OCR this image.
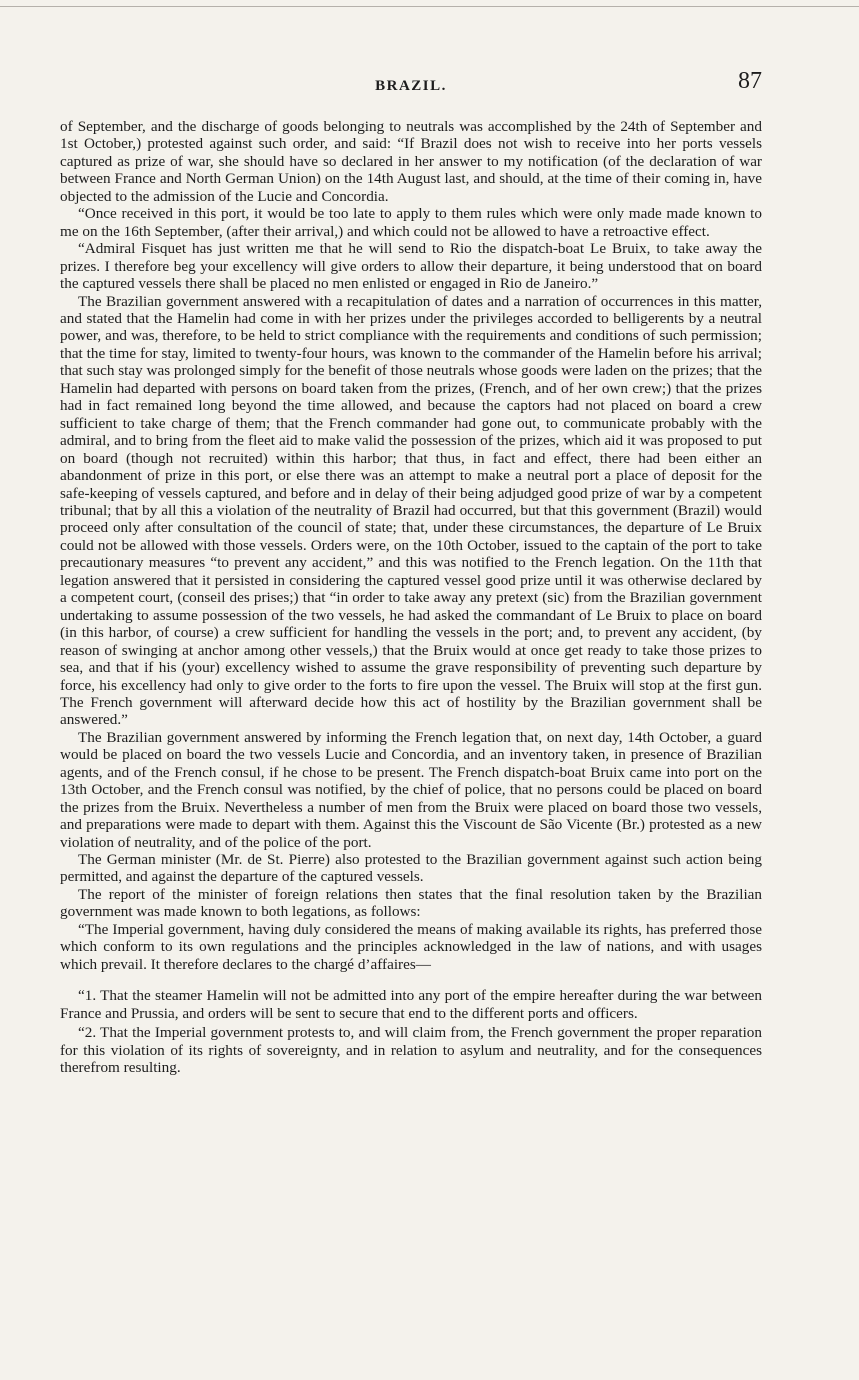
BRAZIL.	87

of September, and the discharge of goods belonging to neutrals was accomplished by the 24th of September and 1st October,) protested against such order, and said: “If Brazil does not wish to receive into her ports vessels captured as prize of war, she should have so declared in her answer to my notification (of the declaration of war between France and North German Union) on the 14th August last, and should, at the time of their coming in, have objected to the admission of the Lucie and Concordia.

“Once received in this port, it would be too late to apply to them rules which were only made made known to me on the 16th September, (after their arrival,) and which could not be allowed to have a retroactive effect.

“Admiral Fisquet has just written me that he will send to Rio the dispatch-boat Le Bruix, to take away the prizes. I therefore beg your excellency will give orders to allow their departure, it being understood that on board the captured vessels there shall be placed no men enlisted or engaged in Rio de Janeiro.”

The Brazilian government answered with a recapitulation of dates and a narration of occurrences in this matter, and stated that the Hamelin had come in with her prizes under the privileges accorded to belligerents by a neutral power, and was, therefore, to be held to strict compliance with the requirements and conditions of such permission; that the time for stay, limited to twenty-four hours, was known to the commander of the Hamelin before his arrival; that such stay was prolonged simply for the benefit of those neutrals whose goods were laden on the prizes; that the Hamelin had departed with persons on board taken from the prizes, (French, and of her own crew;) that the prizes had in fact remained long beyond the time allowed, and because the captors had not placed on board a crew sufficient to take charge of them; that the French commander had gone out, to communicate probably with the admiral, and to bring from the fleet aid to make valid the possession of the prizes, which aid it was proposed to put on board (though not recruited) within this harbor; that thus, in fact and effect, there had been either an abandonment of prize in this port, or else there was an attempt to make a neutral port a place of deposit for the safe-keeping of vessels captured, and before and in delay of their being adjudged good prize of war by a competent tribunal; that by all this a violation of the neutrality of Brazil had occurred, but that this government (Brazil) would proceed only after consultation of the council of state; that, under these circumstances, the departure of Le Bruix could not be allowed with those vessels. Orders were, on the 10th October, issued to the captain of the port to take precautionary measures “to prevent any accident,” and this was notified to the French legation. On the 11th that legation answered that it persisted in considering the captured vessel good prize until it was otherwise declared by a competent court, (conseil des prises;) that “in order to take away any pretext (sic) from the Brazilian government undertaking to assume possession of the two vessels, he had asked the commandant of Le Bruix to place on board (in this harbor, of course) a crew sufficient for handling the vessels in the port; and, to prevent any accident, (by reason of swinging at anchor among other vessels,) that the Bruix would at once get ready to take those prizes to sea, and that if his (your) excellency wished to assume the grave responsibility of preventing such departure by force, his excellency had only to give order to the forts to fire upon the vessel. The Bruix will stop at the first gun. The French government will afterward decide how this act of hostility by the Brazilian government shall be answered.”

The Brazilian government answered by informing the French legation that, on next day, 14th October, a guard would be placed on board the two vessels Lucie and Concordia, and an inventory taken, in presence of Brazilian agents, and of the French consul, if he chose to be present. The French dispatch-boat Bruix came into port on the 13th October, and the French consul was notified, by the chief of police, that no persons could be placed on board the prizes from the Bruix. Nevertheless a number of men from the Bruix were placed on board those two vessels, and preparations were made to depart with them. Against this the Viscount de São Vicente (Br.) protested as a new violation of neutrality, and of the police of the port.

The German minister (Mr. de St. Pierre) also protested to the Brazilian government against such action being permitted, and against the departure of the captured vessels.

The report of the minister of foreign relations then states that the final resolution taken by the Brazilian government was made known to both legations, as follows:

“The Imperial government, having duly considered the means of making available its rights, has preferred those which conform to its own regulations and the principles acknowledged in the law of nations, and with usages which prevail. It therefore declares to the chargé d’affaires—

“1. That the steamer Hamelin will not be admitted into any port of the empire hereafter during the war between France and Prussia, and orders will be sent to secure that end to the different ports and officers.

“2. That the Imperial government protests to, and will claim from, the French government the proper reparation for this violation of its rights of sovereignty, and in relation to asylum and neutrality, and for the consequences therefrom resulting.
